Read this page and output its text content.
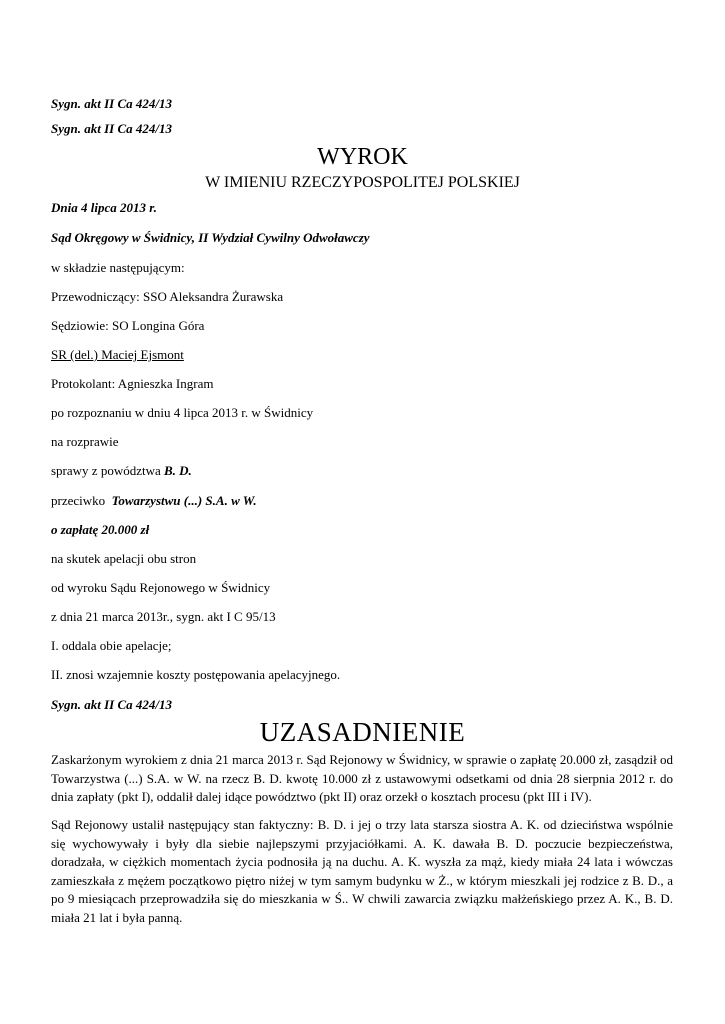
Sygn. akt II Ca 424/13
Sygn. akt II Ca 424/13
WYROK
W IMIENIU RZECZYPOSPOLITEJ POLSKIEJ
Dnia 4 lipca 2013 r.
Sąd Okręgowy w Świdnicy, II Wydział Cywilny Odwoławczy
w składzie następującym:
Przewodniczący: SSO Aleksandra Żurawska
Sędziowie: SO Longina Góra
SR (del.) Maciej Ejsmont
Protokolant: Agnieszka Ingram
po rozpoznaniu w dniu 4 lipca 2013 r. w Świdnicy
na rozprawie
sprawy z powództwa B. D.
przeciwko Towarzystwu (...) S.A. w W.
o zapłatę 20.000 zł
na skutek apelacji obu stron
od wyroku Sądu Rejonowego w Świdnicy
z dnia 21 marca 2013r., sygn. akt I C 95/13
I. oddala obie apelacje;
II. znosi wzajemnie koszty postępowania apelacyjnego.
Sygn. akt II Ca 424/13
UZASADNIENIE
Zaskarżonym wyrokiem z dnia 21 marca 2013 r. Sąd Rejonowy w Świdnicy, w sprawie o zapłatę 20.000 zł, zasądził od Towarzystwa (...) S.A. w W. na rzecz B. D. kwotę 10.000 zł z ustawowymi odsetkami od dnia 28 sierpnia 2012 r. do dnia zapłaty (pkt I), oddalił dalej idące powództwo (pkt II) oraz orzekł o kosztach procesu (pkt III i IV).
Sąd Rejonowy ustalił następujący stan faktyczny: B. D. i jej o trzy lata starsza siostra A. K. od dzieciństwa wspólnie się wychowywały i były dla siebie najlepszymi przyjaciółkami. A. K. dawała B. D. poczucie bezpieczeństwa, doradzała, w ciężkich momentach życia podnosiła ją na duchu. A. K. wyszła za mąż, kiedy miała 24 lata i wówczas zamieszkała z mężem początkowo piętro niżej w tym samym budynku w Ż., w którym mieszkali jej rodzice z B. D., a po 9 miesiącach przeprowadziła się do mieszkania w Ś.. W chwili zawarcia związku małżeńskiego przez A. K., B. D. miała 21 lat i była panną.
